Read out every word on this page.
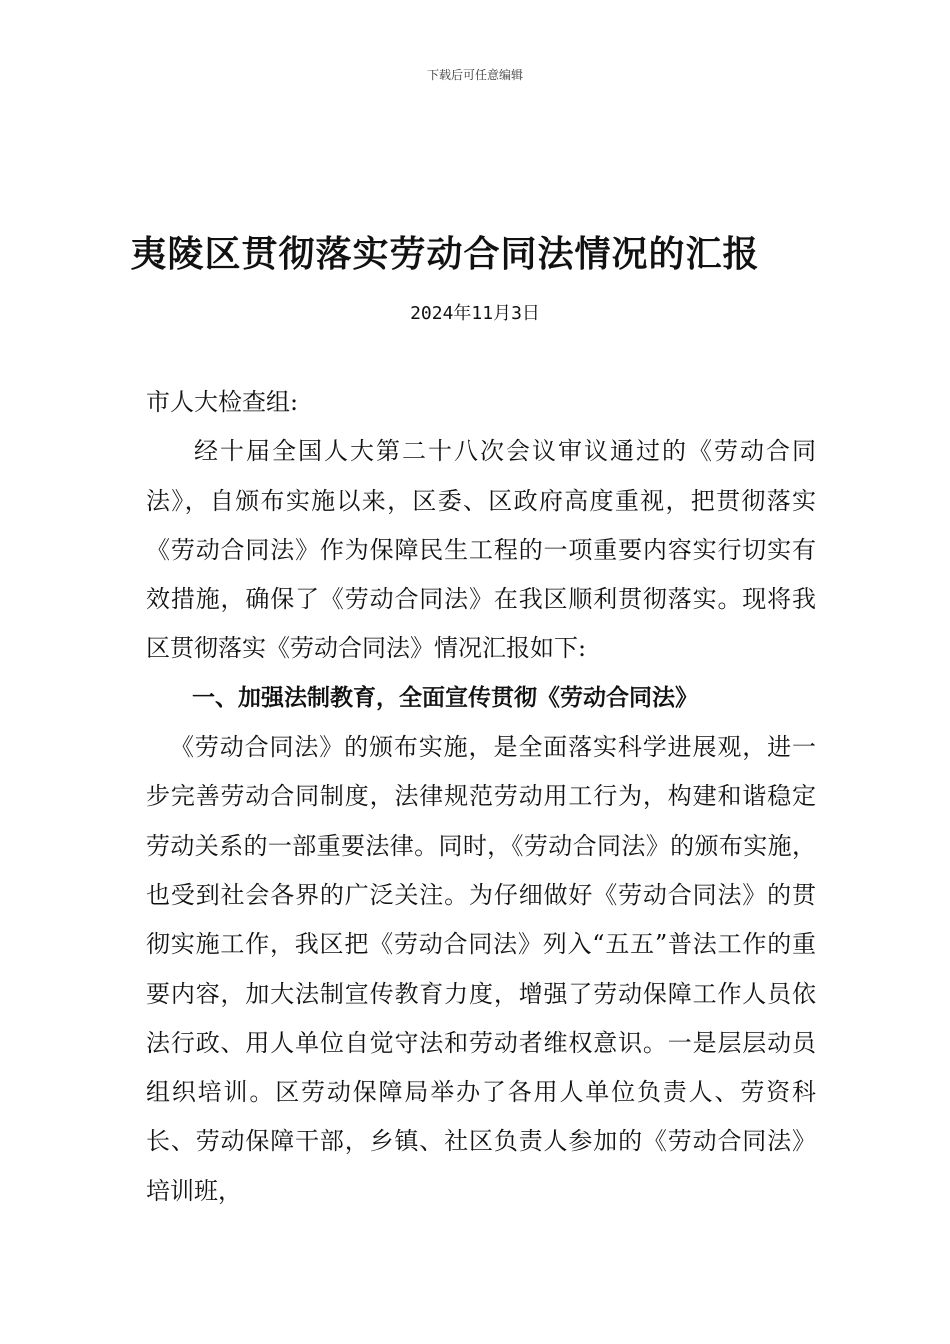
下载后可任意编辑
夷陵区贯彻落实劳动合同法情况的汇报
2024年11月3日

市人大检查组:

经十届全国人大第二十八次会议审议通过的《劳动合同法》，自颁布实施以来，区委、区政府高度重视，把贯彻落实《劳动合同法》作为保障民生工程的一项重要内容实行切实有效措施，确保了《劳动合同法》在我区顺利贯彻落实。现将我区贯彻落实《劳动合同法》情况汇报如下:

一、加强法制教育，全面宣传贯彻《劳动合同法》

《劳动合同法》的颁布实施，是全面落实科学进展观，进一步完善劳动合同制度，法律规范劳动用工行为，构建和谐稳定劳动关系的一部重要法律。同时，《劳动合同法》的颁布实施，也受到社会各界的广泛关注。为仔细做好《劳动合同法》的贯彻实施工作，我区把《劳动合同法》列入“五五”普法工作的重要内容，加大法制宣传教育力度，增强了劳动保障工作人员依法行政、用人单位自觉守法和劳动者维权意识。一是层层动员组织培训。区劳动保障局举办了各用人单位负责人、劳资科长、劳动保障干部，乡镇、社区负责人参加的《劳动合同法》培训班，
